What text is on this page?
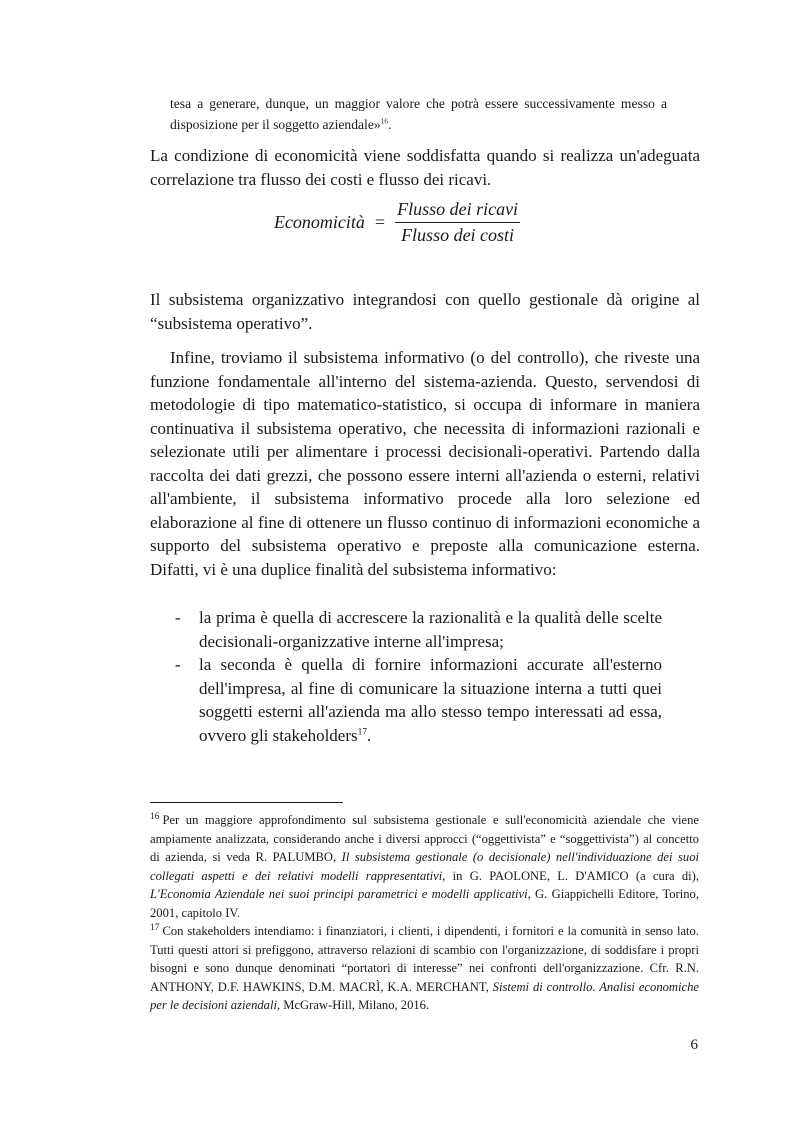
tesa a generare, dunque, un maggior valore che potrà essere successivamente messo a disposizione per il soggetto aziendale»$^{16}$.

La condizione di economicità viene soddisfatta quando si realizza un'adeguata correlazione tra flusso dei costi e flusso dei ricavi.

Economicità = $\frac{\text{Flusso dei ricavi}}{\text{Flusso dei costi}}$

Il subsistema organizzativo integrandosi con quello gestionale dà origine al “subsistema operativo”.

Infine, troviamo il subsistema informativo (o del controllo), che riveste una funzione fondamentale all'interno del sistema-azienda. Questo, servendosi di metodologie di tipo matematico-statistico, si occupa di informare in maniera continuativa il subsistema operativo, che necessita di informazioni razionali e selezionate utili per alimentare i processi decisionali-operativi. Partendo dalla raccolta dei dati grezzi, che possono essere interni all'azienda o esterni, relativi all'ambiente, il subsistema informativo procede alla loro selezione ed elaborazione al fine di ottenere un flusso continuo di informazioni economiche a supporto del subsistema operativo e preposte alla comunicazione esterna. Difatti, vi è una duplice finalità del subsistema informativo:

- la prima è quella di accrescere la razionalità e la qualità delle scelte decisionali-organizzative interne all'impresa;
- la seconda è quella di fornire informazioni accurate all'esterno dell'impresa, al fine di comunicare la situazione interna a tutti quei soggetti esterni all'azienda ma allo stesso tempo interessati ad essa, ovvero gli stakeholders$^{17}$.

$^{16}$ Per un maggiore approfondimento sul subsistema gestionale e sull'economicità aziendale che viene ampiamente analizzata, considerando anche i diversi approcci (“oggettivista” e “soggettivista”) al concetto di azienda, si veda R. PALUMBO, Il subsistema gestionale (o decisionale) nell'individuazione dei suoi collegati aspetti e dei relativi modelli rappresentativi, in G. PAOLONE, L. D'AMICO (a cura di), L'Economia Aziendale nei suoi principi parametrici e modelli applicativi, G. Giappichelli Editore, Torino, 2001, capitolo IV.

$^{17}$ Con stakeholders intendiamo: i finanziatori, i clienti, i dipendenti, i fornitori e la comunità in senso lato. Tutti questi attori si prefiggono, attraverso relazioni di scambio con l'organizzazione, di soddisfare i propri bisogni e sono dunque denominati “portatori di interesse” nei confronti dell'organizzazione. Cfr. R.N. ANTHONY, D.F. HAWKINS, D.M. MACRÌ, K.A. MERCHANT, Sistemi di controllo. Analisi economiche per le decisioni aziendali, McGraw-Hill, Milano, 2016.

6
